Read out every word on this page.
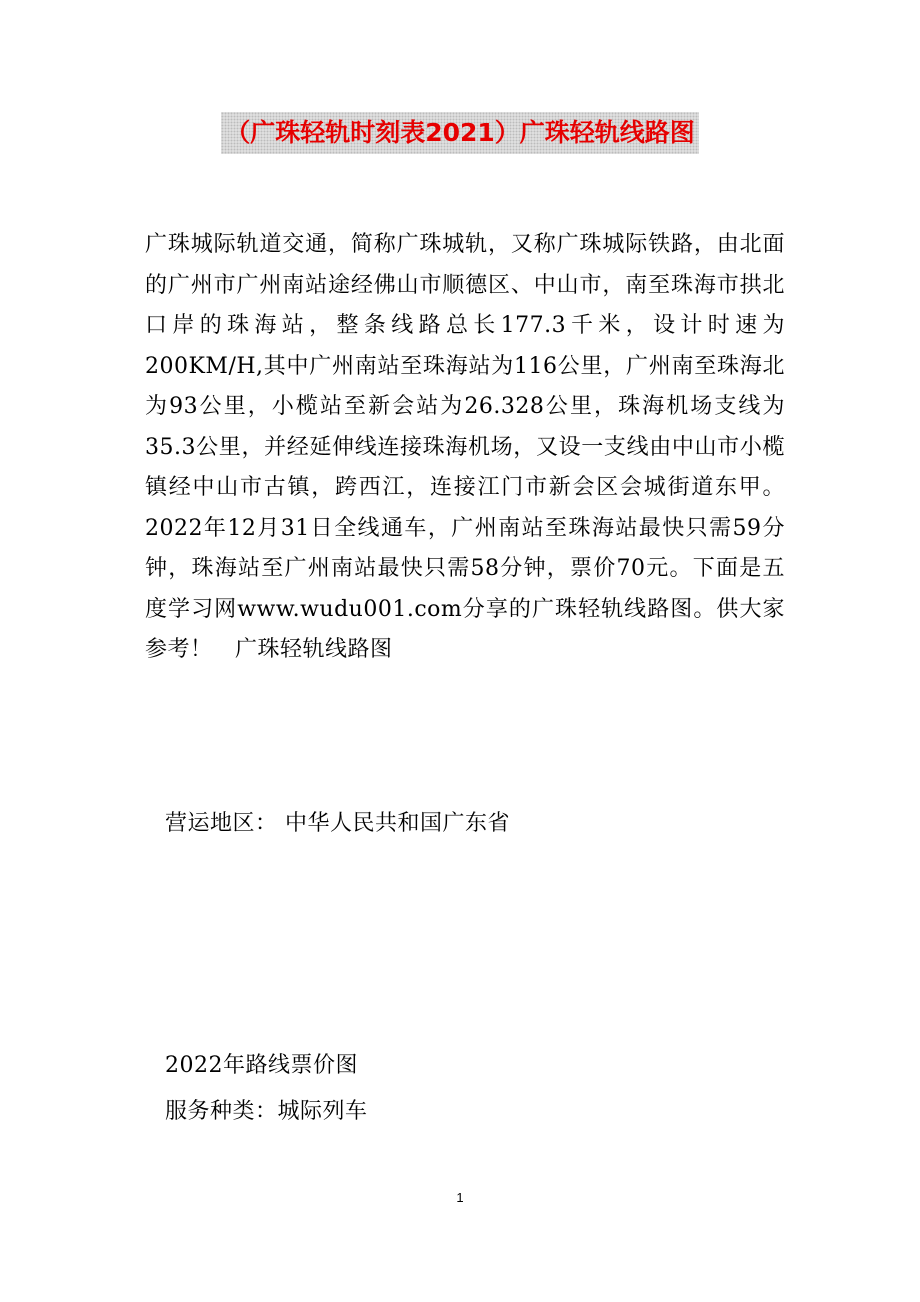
（广珠轻轨时刻表2021）广珠轻轨线路图

广珠城际轨道交通，简称广珠城轨，又称广珠城际铁路，由北面的广州市广州南站途经佛山市顺德区、中山市，南至珠海市拱北口岸的珠海站，整条线路总长177.3千米，设计时速为200KM/H,其中广州南站至珠海站为116公里，广州南至珠海北为93公里，小榄站至新会站为26.328公里，珠海机场支线为35.3公里，并经延伸线连接珠海机场，又设一支线由中山市小榄镇经中山市古镇，跨西江，连接江门市新会区会城街道东甲。2022年12月31日全线通车，广州南站至珠海站最快只需59分钟，珠海站至广州南站最快只需58分钟，票价70元。下面是五度学习网www.wudu001.com分享的广珠轻轨线路图。供大家参考！　广珠轻轨线路图

营运地区： 中华人民共和国广东省
2022年路线票价图
服务种类：城际列车
1
